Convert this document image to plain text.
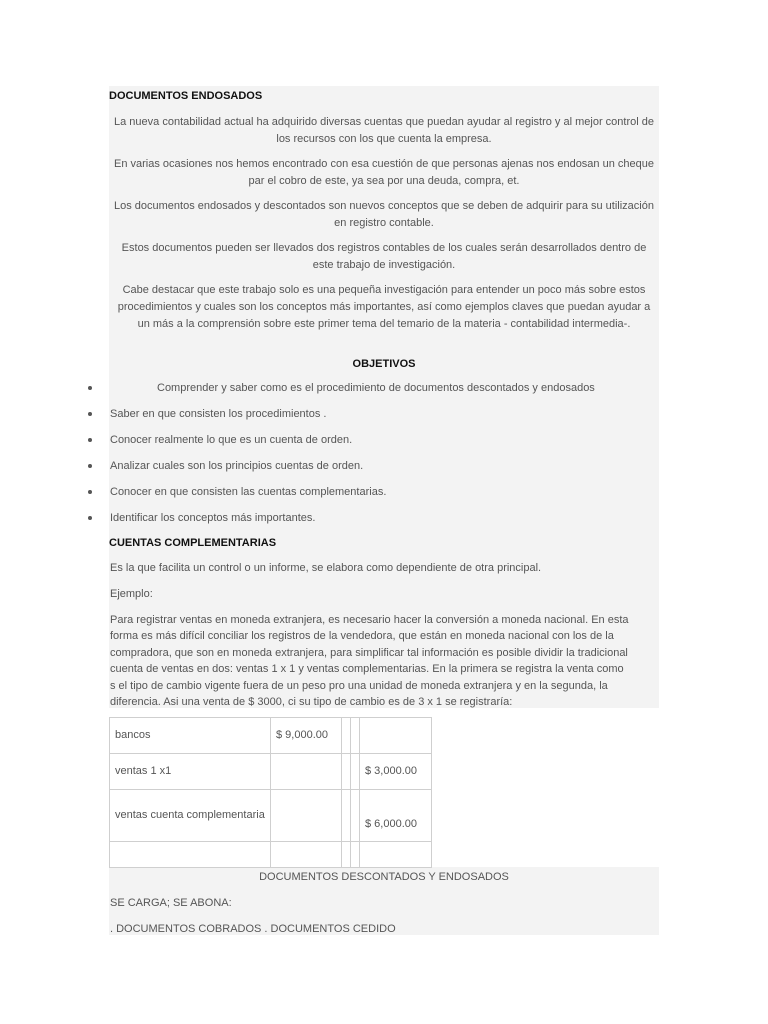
DOCUMENTOS ENDOSADOS
La nueva contabilidad actual ha adquirido diversas cuentas que puedan ayudar al registro y al mejor control de los recursos con los que cuenta la empresa.
En varias ocasiones nos hemos encontrado con esa cuestión de que personas ajenas nos endosan un cheque par el cobro de este, ya sea por una deuda, compra, et.
Los documentos endosados y descontados son nuevos conceptos que se deben de adquirir para su utilización en registro contable.
Estos documentos pueden ser llevados dos registros contables de los cuales serán desarrollados dentro de este trabajo de investigación.
Cabe destacar que este trabajo solo es una pequeña investigación para entender un poco más sobre estos procedimientos y cuales son los conceptos más importantes, así como ejemplos claves que puedan ayudar a un más a la comprensión sobre este primer tema del temario de la materia - contabilidad intermedia-.
OBJETIVOS
Comprender y saber como es el procedimiento de documentos descontados y endosados
Saber en que consisten los procedimientos .
Conocer realmente lo que es un cuenta de orden.
Analizar cuales son los principios cuentas de orden.
Conocer en que consisten las cuentas complementarias.
Identificar los conceptos más importantes.
CUENTAS COMPLEMENTARIAS
Es la que facilita un control o un informe, se elabora como dependiente de otra principal.
Ejemplo:
Para registrar ventas en moneda extranjera, es necesario hacer la conversión a moneda nacional. En esta
forma es más difícil conciliar los registros de la vendedora, que están en moneda nacional con los de la
compradora, que son en moneda extranjera, para simplificar tal información es posible dividir la tradicional
cuenta de ventas en dos: ventas 1 x 1 y ventas complementarias. En la primera se registra la venta como
s el tipo de cambio vigente fuera de un peso pro una unidad de moneda extranjera y en la segunda, la
diferencia. Asi una venta de $ 3000, ci su tipo de cambio es de 3 x 1 se registraría:
bancos	$ 9,000.00			
ventas 1 x1				$ 3,000.00
ventas cuenta complementaria				$ 6,000.00

DOCUMENTOS DESCONTADOS Y ENDOSADOS
SE CARGA; SE ABONA:
. DOCUMENTOS COBRADOS . DOCUMENTOS CEDIDO
